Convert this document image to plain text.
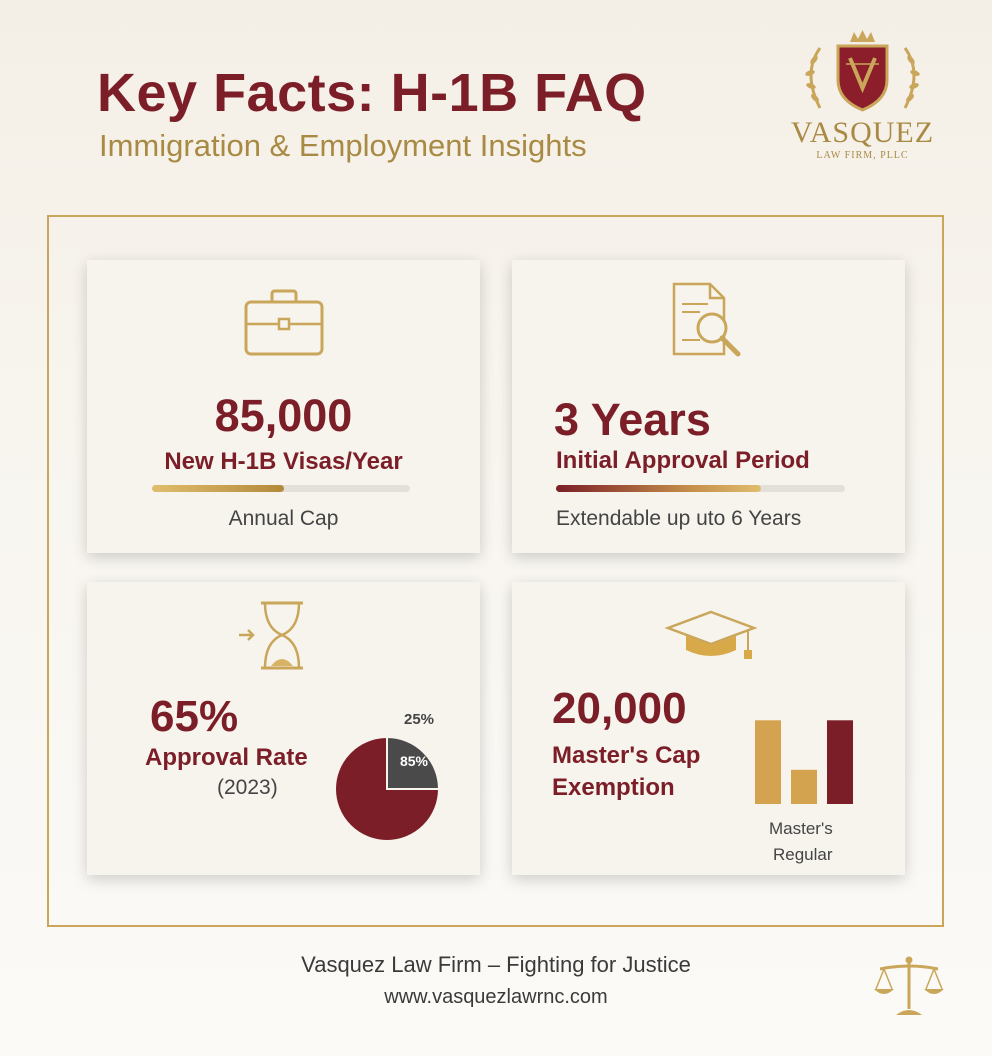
Key Facts: H-1B FAQ
Immigration & Employment Insights	VASQUEZ
LAW FIRM, PLLC
85,000
New H-1B Visas/Year
Annual Cap
3 Years
Initial Approval Period
Extendable up uto 6 Years
65%
Approval Rate
(2023)
85%
25%	20,000
Master's Cap
Exemption
Master's
Regular
Vasquez Law Firm – Fighting for Justice
www.vasquezlawrnc.com
